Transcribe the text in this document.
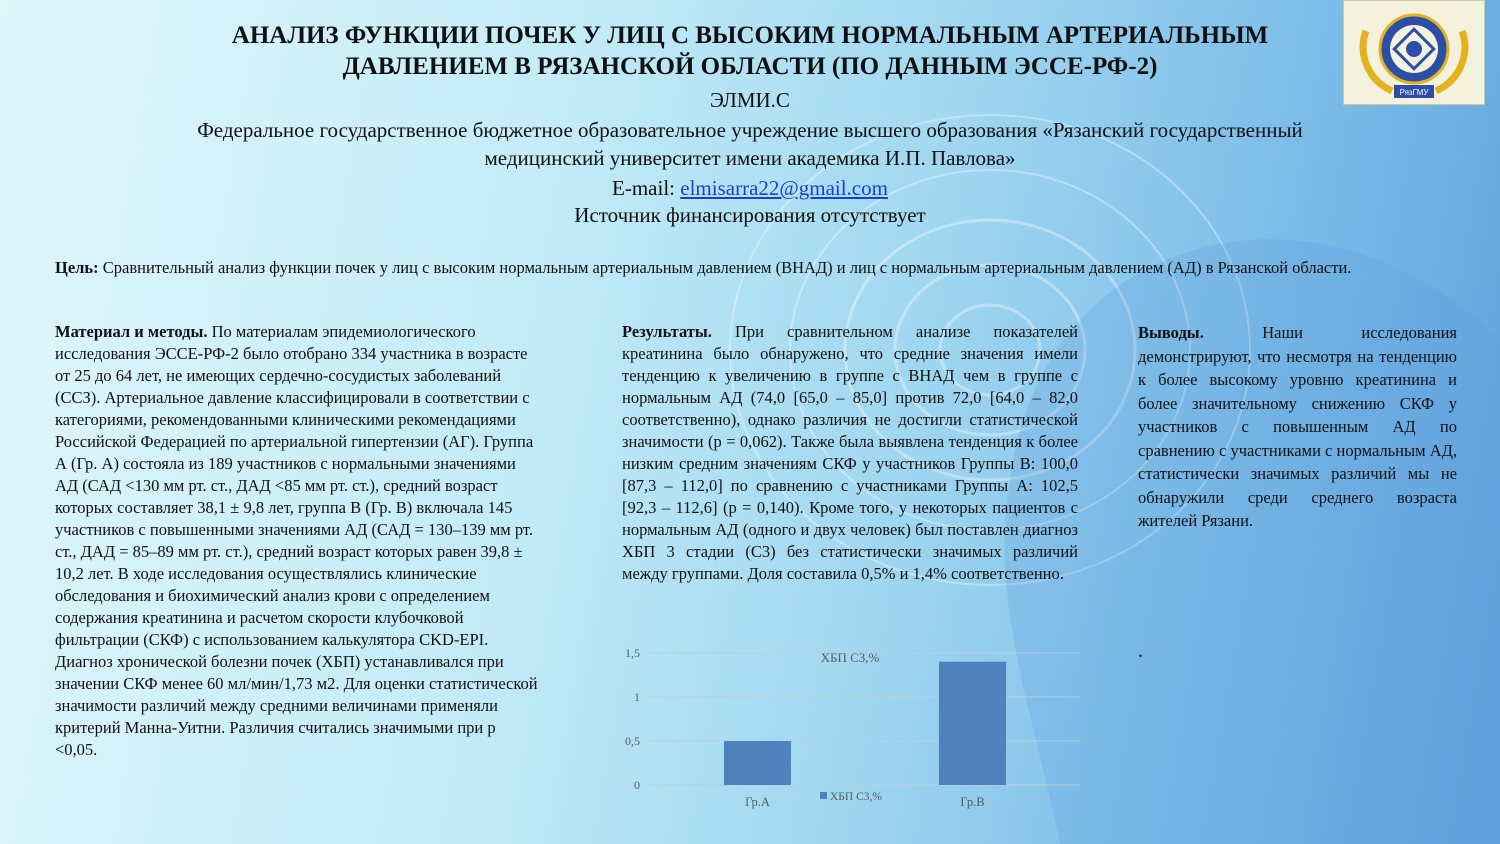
АНАЛИЗ ФУНКЦИИ ПОЧЕК У ЛИЦ С ВЫСОКИМ НОРМАЛЬНЫМ АРТЕРИАЛЬНЫМ
ДАВЛЕНИЕМ В РЯЗАНСКОЙ ОБЛАСТИ (ПО ДАННЫМ ЭССЕ-РФ-2)
ЭЛМИ.С
Федеральное государственное бюджетное образовательное учреждение высшего образования «Рязанский государственный
медицинский университет имени академика И.П. Павлова»
E-mail: elmisarra22@gmail.com
Источник финансирования отсутствует
РязГМУ
Цель: Сравнительный анализ функции почек у лиц с высоким нормальным артериальным давлением (ВНАД) и лиц с нормальным артериальным давлением (АД) в Рязанской области.
Материал и методы. По материалам эпидемиологического исследования ЭССЕ-РФ-2 было отобрано 334 участника в возрасте от 25 до 64 лет, не имеющих сердечно-сосудистых заболеваний (ССЗ). Артериальное давление классифицировали в соответствии с категориями, рекомендованными клиническими рекомендациями Российской Федерацией по артериальной гипертензии (АГ). Группа А (Гр. А) состояла из 189 участников с нормальными значениями АД (САД <130 мм рт. ст., ДАД <85 мм рт. ст.), средний возраст которых составляет 38,1 ± 9,8 лет, группа В (Гр. В) включала 145 участников с повышенными значениями АД (САД = 130–139 мм рт. ст., ДАД = 85–89 мм рт. ст.), средний возраст которых равен 39,8 ± 10,2 лет. В ходе исследования осуществлялись клинические обследования и биохимический анализ крови с определением содержания креатинина и расчетом скорости клубочковой фильтрации (СКФ) с использованием калькулятора CKD-EPI. Диагноз хронической болезни почек (ХБП) устанавливался при значении СКФ менее 60 мл/мин/1,73 м2. Для оценки статистической значимости различий между средними величинами применяли критерий Манна-Уитни. Различия считались значимыми при p <0,05.
Результаты. При сравнительном анализе показателей креатинина было обнаружено, что средние значения имели тенденцию к увеличению в группе с ВНАД чем в группе с нормальным АД (74,0 [65,0 – 85,0] против 72,0 [64,0 – 82,0 соответственно), однако различия не достигли статистической значимости (p = 0,062). Также была выявлена тенденция к более низким средним значениям СКФ у участников Группы B: 100,0 [87,3 – 112,0] по сравнению с участниками Группы А: 102,5 [92,3 – 112,6] (p = 0,140). Кроме того, у некоторых пациентов с нормальным АД (одного и двух человек) был поставлен диагноз ХБП 3 стадии (С3) без статистически значимых различий между группами. Доля составила 0,5% и 1,4% соответственно.
Выводы. Наши исследования демонстрируют, что несмотря на тенденцию к более высокому уровню креатинина и более значительному снижению СКФ у участников с повышенным АД по сравнению с участниками с нормальным АД, статистически значимых различий мы не обнаружили среди среднего возраста жителей Рязани.
.
0
0,5
1
1,5
Гр.А	Гр.В
ХБП С3,%
ХБП С3,%
